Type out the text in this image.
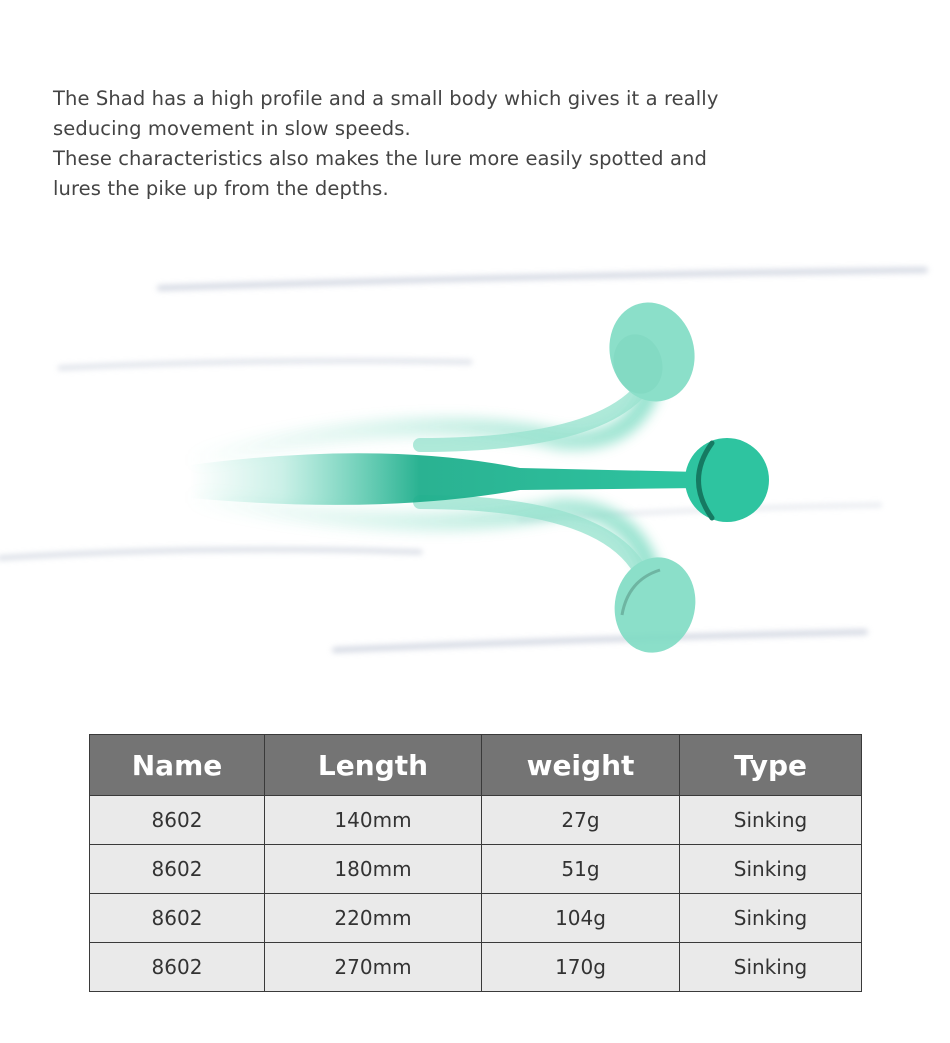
The Shad has a high profile and a small body which gives it a really

seducing movement in slow speeds.

These characteristics also makes the lure more easily spotted and

lures the pike up from the depths.

Name	Length	weight	Type
8602	140mm	27g	Sinking
8602	180mm	51g	Sinking
8602	220mm	104g	Sinking
8602	270mm	170g	Sinking
